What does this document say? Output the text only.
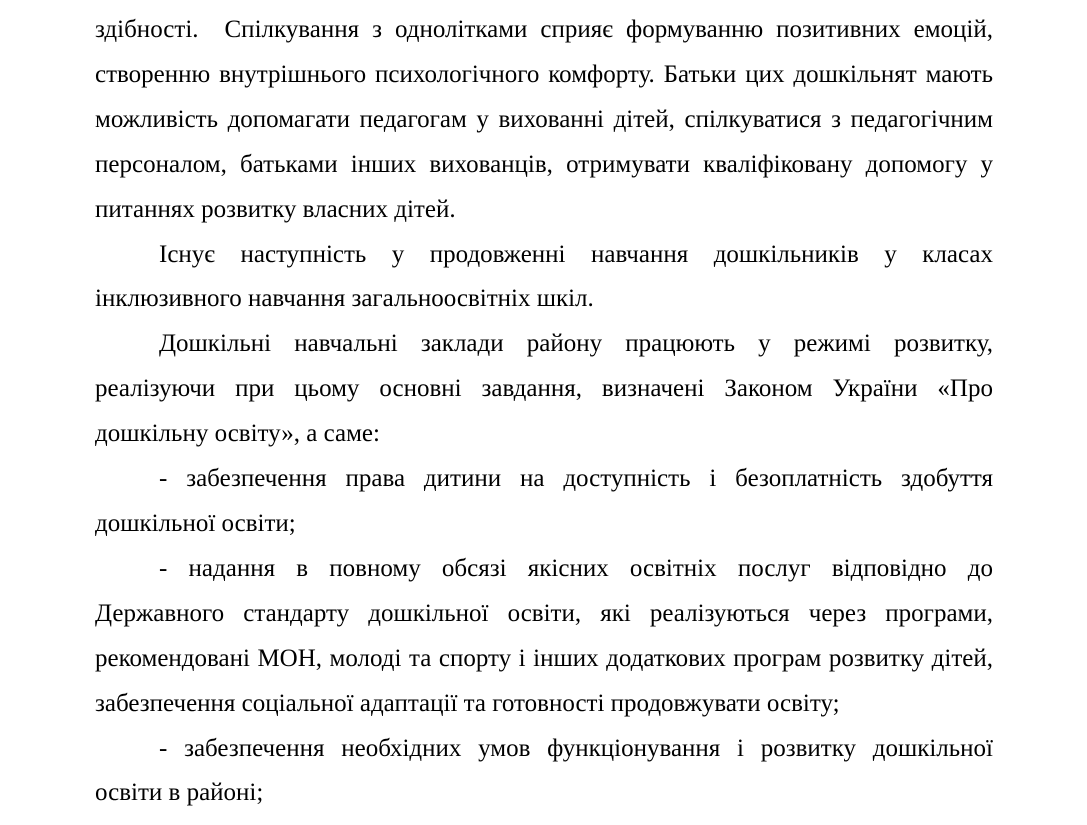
здібності.  Спілкування з однолітками сприяє формуванню позитивних емоцій, створенню внутрішнього психологічного комфорту. Батьки цих дошкільнят мають можливість допомагати педагогам у вихованні дітей, спілкуватися з педагогічним персоналом, батьками інших вихованців, отримувати кваліфіковану допомогу у питаннях розвитку власних дітей.

Існує наступність у продовженні навчання дошкільників у класах інклюзивного навчання загальноосвітніх шкіл.

Дошкільні навчальні заклади району працюють у режимі розвитку, реалізуючи при цьому основні завдання, визначені Законом України «Про дошкільну освіту», а саме:

- забезпечення права дитини на доступність і безоплатність здобуття дошкільної освіти;

- надання в повному обсязі якісних освітніх послуг відповідно до Державного стандарту дошкільної освіти, які реалізуються через програми, рекомендовані МОН, молоді та спорту і інших додаткових програм розвитку дітей, забезпечення соціальної адаптації та готовності продовжувати освіту;

- забезпечення необхідних умов функціонування і розвитку дошкільної освіти в районі;
